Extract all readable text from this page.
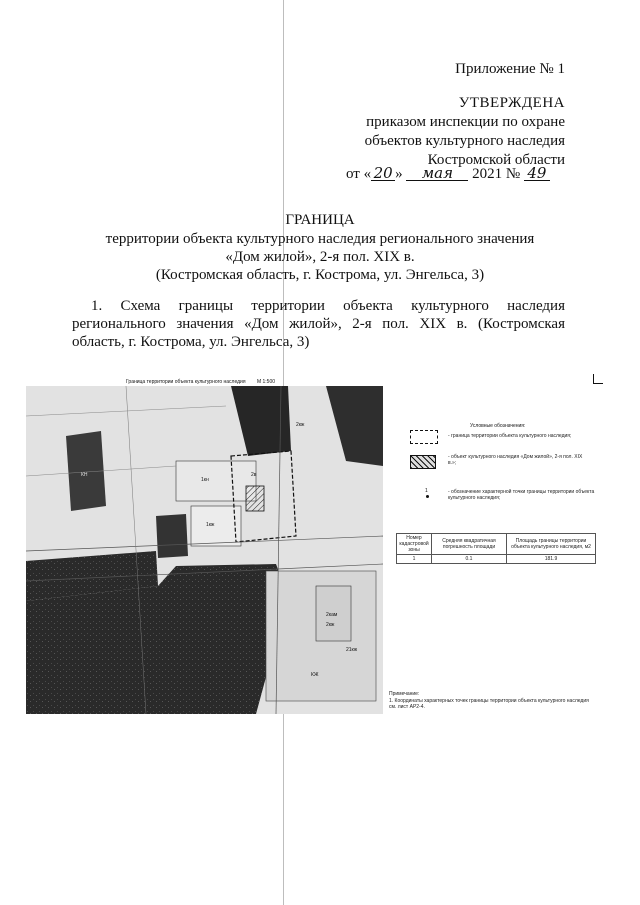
Приложение № 1
УТВЕРЖДЕНА
приказом инспекции по охране
объектов культурного наследия
Костромской области
от « 20 » мая 2021 № 49
ГРАНИЦА
территории объекта культурного наследия регионального значения
«Дом жилой», 2-я пол. XIX в.
(Костромская область, г. Кострома, ул. Энгельса, 3)
1. Схема границы территории объекта культурного наследия
регионального значения «Дом жилой», 2-я пол. XIX в. (Костромская
область, г. Кострома, ул. Энгельса, 3)
Граница территории объекта культурного наследия М 1:500
2кам
2кж
1кн
1кж
2в
КН
2кж
21кж
КЖ
Условные обозначения:
- граница территории объекта культурного наследия;
- объект культурного наследия «Дом жилой», 2-я пол. XIX в.»;
1	- обозначение характерной точки границы территории объекта культурного наследия;
Номер кадастровой зоны	Средняя квадратичная погрешность площади	Площадь границы территории объекта культурного наследия, м2
1	0.1	181.9
Примечание:
1. Координаты характерных точек границы территории объекта культурного наследия см. лист АР2-4.
